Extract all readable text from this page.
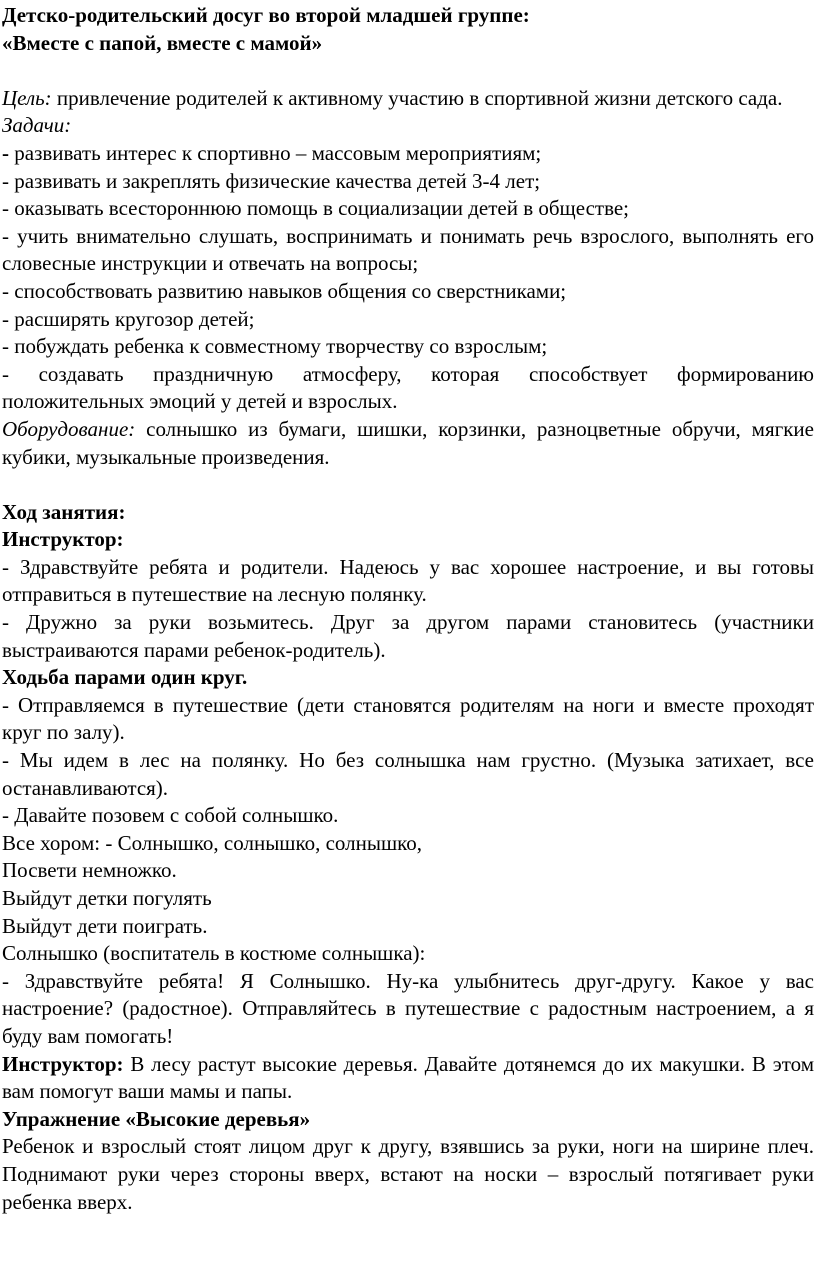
Детско-родительский досуг во второй младшей группе:

«Вместе с папой, вместе с мамой»

Цель: привлечение родителей к активному участию в спортивной жизни детского сада.

Задачи:

- развивать интерес к спортивно – массовым мероприятиям;

- развивать и закреплять физические качества детей 3-4 лет;

- оказывать всестороннюю помощь в социализации детей в обществе;

- учить внимательно слушать, воспринимать и понимать речь взрослого, выполнять его словесные инструкции и отвечать на вопросы;

- способствовать развитию навыков общения со сверстниками;

- расширять кругозор детей;

- побуждать ребенка к совместному творчеству со взрослым;

- создавать праздничную атмосферу, которая способствует формированию положительных эмоций у детей и взрослых.

Оборудование: солнышко из бумаги, шишки, корзинки, разноцветные обручи, мягкие кубики, музыкальные произведения.

Ход занятия:

Инструктор:

- Здравствуйте ребята и родители. Надеюсь у вас хорошее настроение, и вы готовы отправиться в путешествие на лесную полянку.

- Дружно за руки возьмитесь. Друг за другом парами становитесь (участники выстраиваются парами ребенок-родитель).

Ходьба парами один круг.

- Отправляемся в путешествие (дети становятся родителям на ноги и вместе проходят круг по залу).

- Мы идем в лес на полянку. Но без солнышка нам грустно. (Музыка затихает, все останавливаются).

- Давайте позовем с собой солнышко.

Все хором: - Солнышко, солнышко, солнышко,

Посвети немножко.

Выйдут детки погулять

Выйдут дети поиграть.

Солнышко (воспитатель в костюме солнышка):

- Здравствуйте ребята! Я Солнышко. Ну-ка улыбнитесь друг-другу. Какое у вас настроение? (радостное). Отправляйтесь в путешествие с радостным настроением, а я буду вам помогать!

Инструктор: В лесу растут высокие деревья. Давайте дотянемся до их макушки. В этом вам помогут ваши мамы и папы.

Упражнение «Высокие деревья»

Ребенок и взрослый стоят лицом друг к другу, взявшись за руки, ноги на ширине плеч. Поднимают руки через стороны вверх, встают на носки – взрослый потягивает руки ребенка вверх.
